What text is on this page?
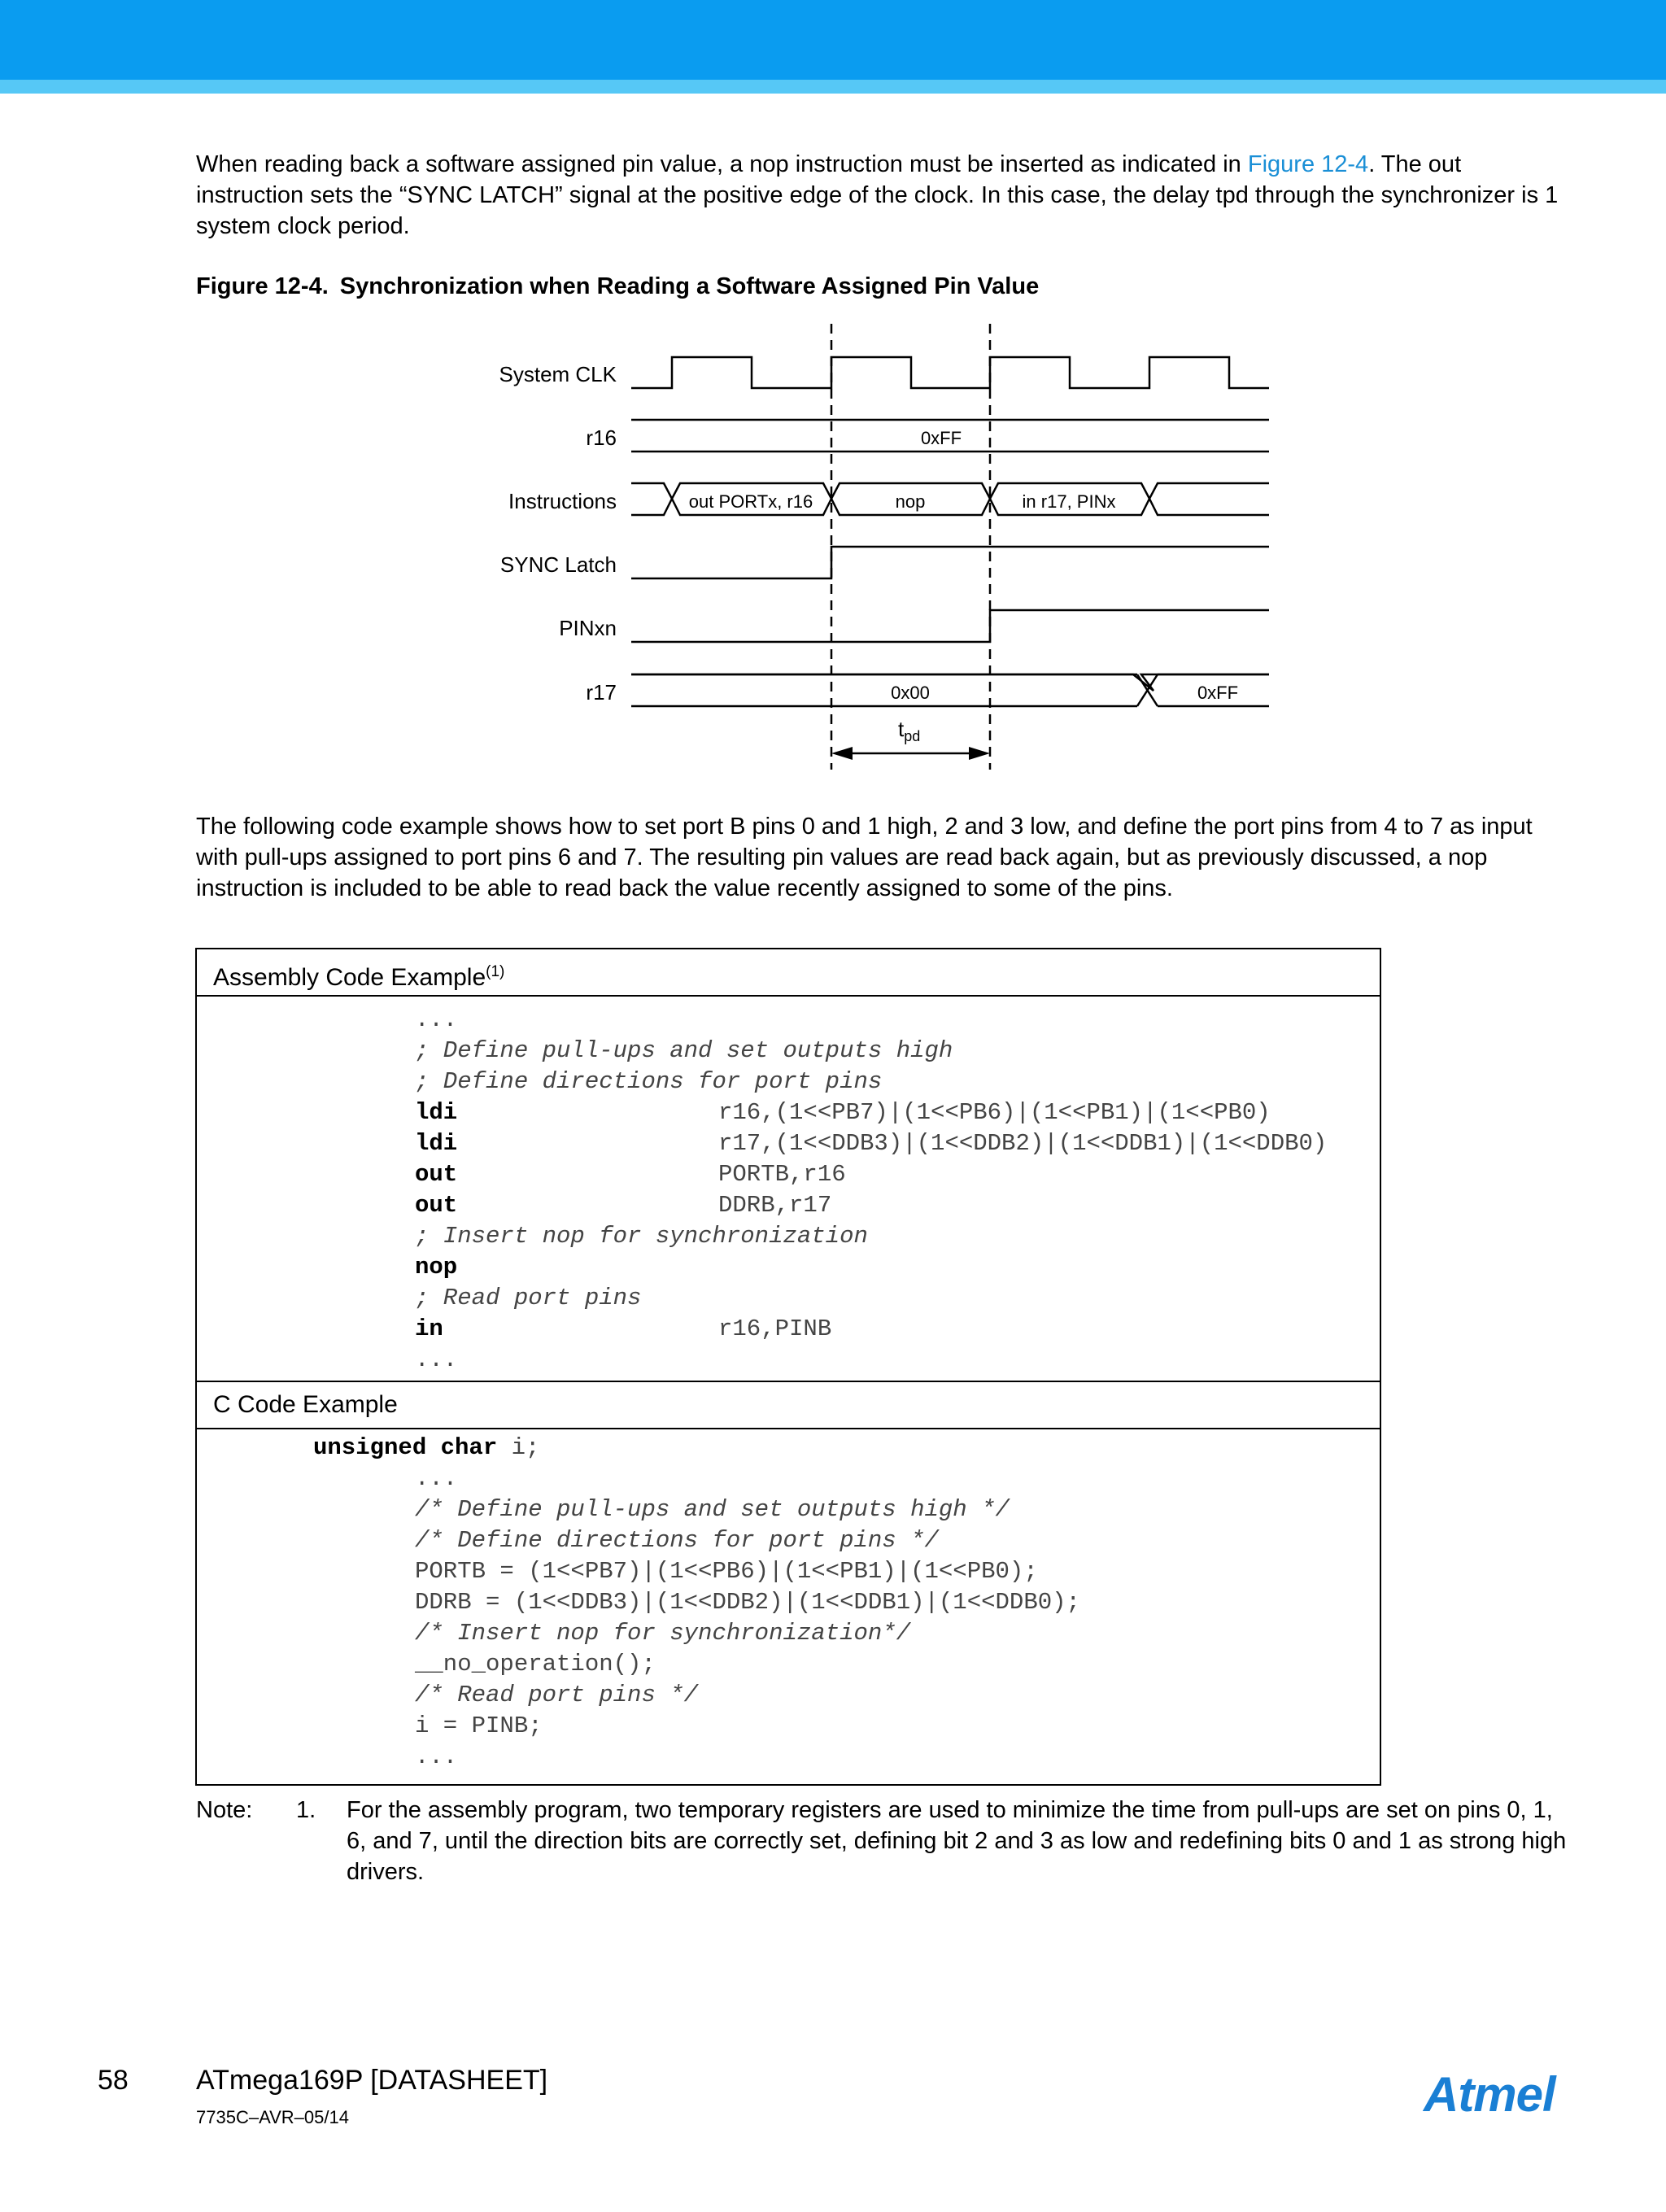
When reading back a software assigned pin value, a nop instruction must be inserted as indicated in Figure 12-4. The out instruction sets the “SYNC LATCH” signal at the positive edge of the clock. In this case, the delay tpd through the synchronizer is 1 system clock period.

Figure 12-4. Synchronization when Reading a Software Assigned Pin Value

System CLK
r16
Instructions
SYNC Latch
PINxn
r17
0xFF
out PORTx, r16	nop	in r17, PINx
0x00	0xFF
$t_{pd}$

The following code example shows how to set port B pins 0 and 1 high, 2 and 3 low, and define the port pins from 4 to 7 as input with pull-ups assigned to port pins 6 and 7. The resulting pin values are read back again, but as previously discussed, a nop instruction is included to be able to read back the value recently assigned to some of the pins.

Assembly Code Example$^{(1)}$
...
; Define pull-ups and set outputs high
; Define directions for port pins
ldi	r16,(1<<PB7)|(1<<PB6)|(1<<PB1)|(1<<PB0)
ldi	r17,(1<<DDB3)|(1<<DDB2)|(1<<DDB1)|(1<<DDB0)
out	PORTB,r16
out	DDRB,r17
; Insert nop for synchronization
nop
; Read port pins
in	r16,PINB
...
C Code Example
unsigned char i;
...
/* Define pull-ups and set outputs high */
/* Define directions for port pins */
PORTB = (1<<PB7)|(1<<PB6)|(1<<PB1)|(1<<PB0);
DDRB = (1<<DDB3)|(1<<DDB2)|(1<<DDB1)|(1<<DDB0);
/* Insert nop for synchronization*/
__no_operation();
/* Read port pins */
i = PINB;
...
Note: 1. For the assembly program, two temporary registers are used to minimize the time from pull-ups are set on pins 0, 1, 6, and 7, until the direction bits are correctly set, defining bit 2 and 3 as low and redefining bits 0 and 1 as strong high drivers.

58 ATmega169P [DATASHEET]
7735C–AVR–05/14	Atmel
